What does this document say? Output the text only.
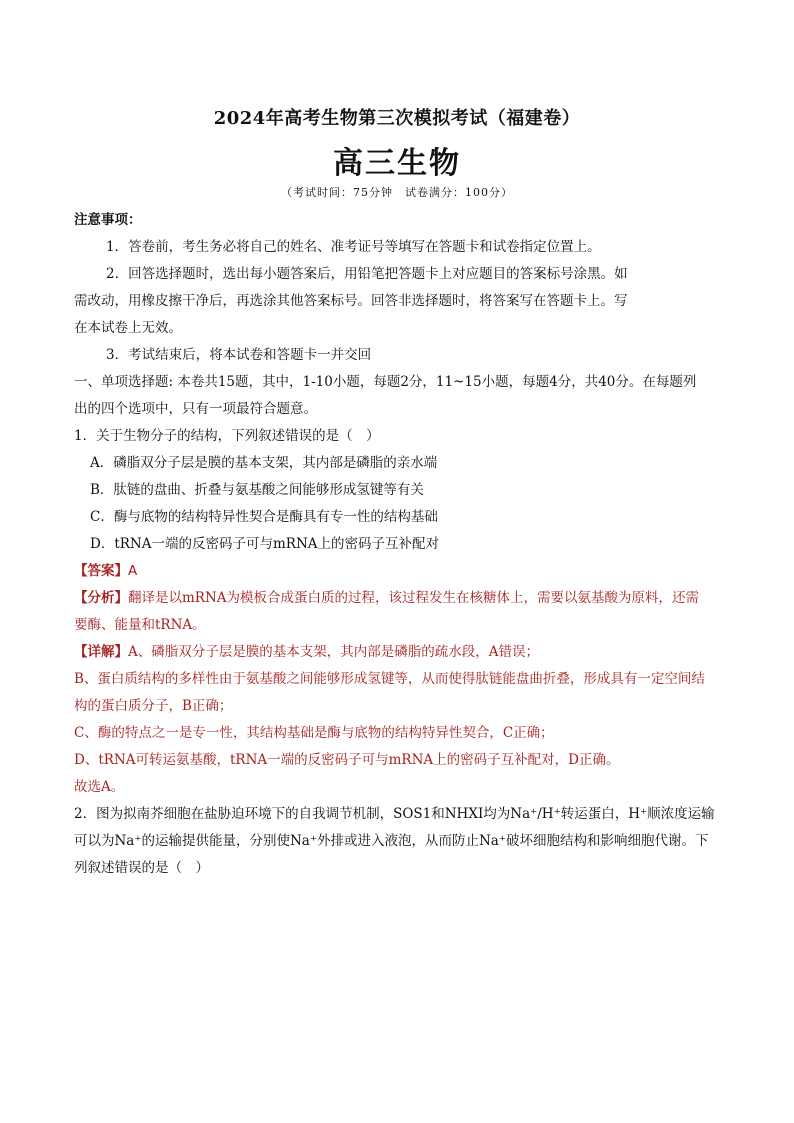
2024年高考生物第三次模拟考试（福建卷）
高三生物
（考试时间：75分钟　试卷满分：100分）
注意事项：
1．答卷前，考生务必将自己的姓名、准考证号等填写在答题卡和试卷指定位置上。
2．回答选择题时，选出每小题答案后，用铅笔把答题卡上对应题目的答案标号涂黑。如
需改动，用橡皮擦干净后，再选涂其他答案标号。回答非选择题时，将答案写在答题卡上。写
在本试卷上无效。
3．考试结束后，将本试卷和答题卡一并交回
一、单项选择题: 本卷共15题，其中，1-10小题，每题2分，11~15小题，每题4分，共40分。在每题列
出的四个选项中，只有一项最符合题意。
1．关于生物分子的结构，下列叙述错误的是（　）
A．磷脂双分子层是膜的基本支架，其内部是磷脂的亲水端
B．肽链的盘曲、折叠与氨基酸之间能够形成氢键等有关
C．酶与底物的结构特异性契合是酶具有专一性的结构基础
D．tRNA一端的反密码子可与mRNA上的密码子互补配对
【答案】A
【分析】翻译是以mRNA为模板合成蛋白质的过程，该过程发生在核糖体上，需要以氨基酸为原料，还需
要酶、能量和tRNA。
【详解】A、磷脂双分子层是膜的基本支架，其内部是磷脂的疏水段，A错误；
B、蛋白质结构的多样性由于氨基酸之间能够形成氢键等，从而使得肽链能盘曲折叠，形成具有一定空间结
构的蛋白质分子，B正确；
C、酶的特点之一是专一性，其结构基础是酶与底物的结构特异性契合，C正确；
D、tRNA可转运氨基酸，tRNA一端的反密码子可与mRNA上的密码子互补配对，D正确。
故选A。
2．图为拟南芥细胞在盐胁迫环境下的自我调节机制，SOS1和NHXI均为Na⁺/H⁺转运蛋白，H⁺顺浓度运输
可以为Na⁺的运输提供能量，分别使Na⁺外排或进入液泡，从而防止Na⁺破坏细胞结构和影响细胞代谢。下
列叙述错误的是（　）
